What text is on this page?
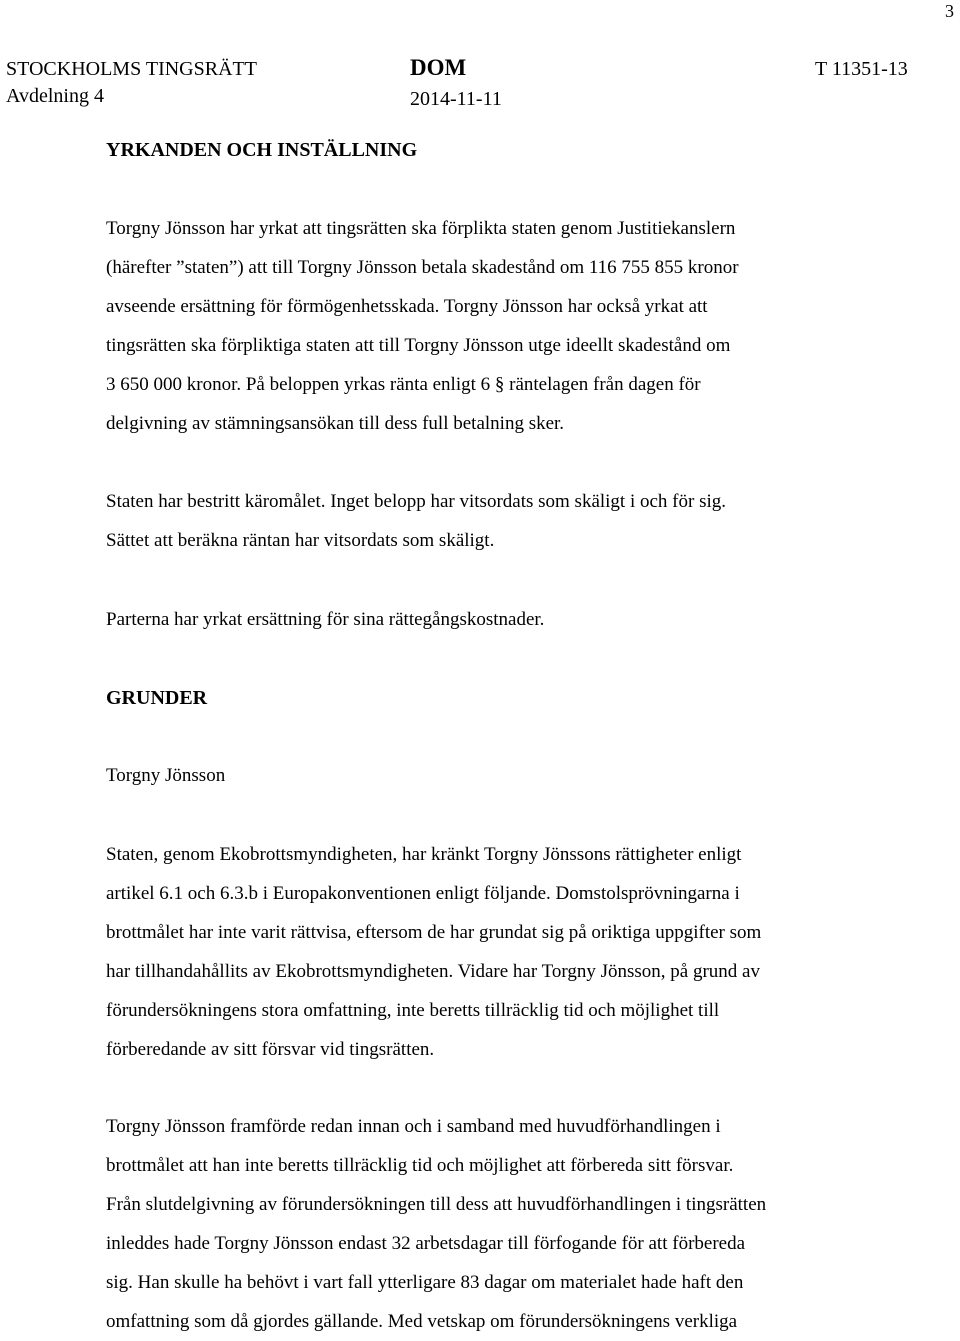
3
STOCKHOLMS TINGSRÄTT
Avdelning 4
DOM
2014-11-11
T 11351-13
YRKANDEN OCH INSTÄLLNING
Torgny Jönsson har yrkat att tingsrätten ska förplikta staten genom Justitiekanslern
(härefter ”staten”) att till Torgny Jönsson betala skadestånd om 116 755 855 kronor
avseende ersättning för förmögenhetsskada. Torgny Jönsson har också yrkat att
tingsrätten ska förpliktiga staten att till Torgny Jönsson utge ideellt skadestånd om
3 650 000 kronor. På beloppen yrkas ränta enligt 6 § räntelagen från dagen för
delgivning av stämningsansökan till dess full betalning sker.
Staten har bestritt käromålet. Inget belopp har vitsordats som skäligt i och för sig.
Sättet att beräkna räntan har vitsordats som skäligt.
Parterna har yrkat ersättning för sina rättegångskostnader.
GRUNDER
Torgny Jönsson
Staten, genom Ekobrottsmyndigheten, har kränkt Torgny Jönssons rättigheter enligt
artikel 6.1 och 6.3.b i Europakonventionen enligt följande. Domstolsprövningarna i
brottmålet har inte varit rättvisa, eftersom de har grundat sig på oriktiga uppgifter som
har tillhandahållits av Ekobrottsmyndigheten. Vidare har Torgny Jönsson, på grund av
förundersökningens stora omfattning, inte beretts tillräcklig tid och möjlighet till
förberedande av sitt försvar vid tingsrätten.
Torgny Jönsson framförde redan innan och i samband med huvudförhandlingen i
brottmålet att han inte beretts tillräcklig tid och möjlighet att förbereda sitt försvar.
Från slutdelgivning av förundersökningen till dess att huvudförhandlingen i tingsrätten
inleddes hade Torgny Jönsson endast 32 arbetsdagar till förfogande för att förbereda
sig. Han skulle ha behövt i vart fall ytterligare 83 dagar om materialet hade haft den
omfattning som då gjordes gällande. Med vetskap om förundersökningens verkliga
